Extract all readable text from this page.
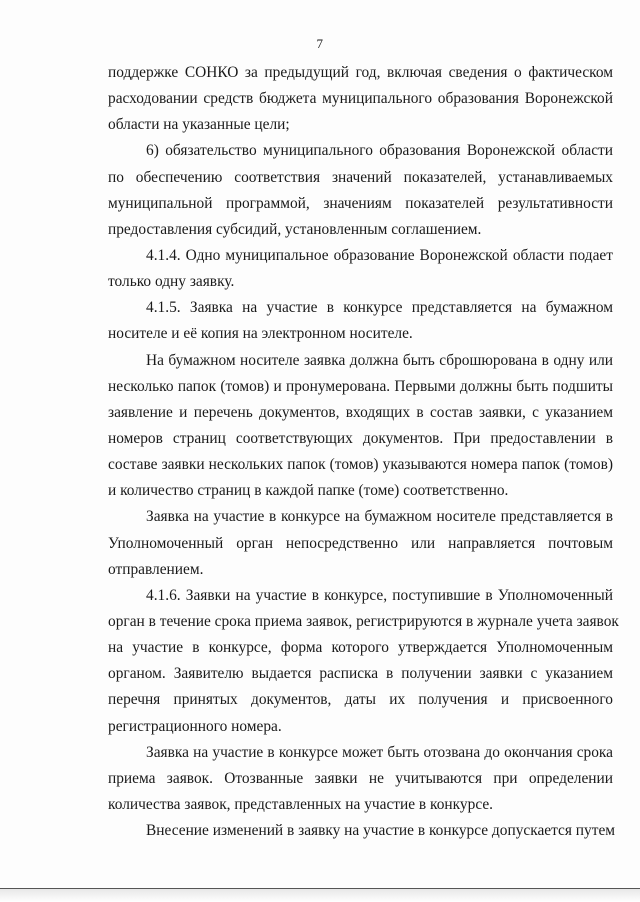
7
поддержке СОНКО за предыдущий год, включая сведения о фактическом
расходовании средств бюджета муниципального образования Воронежской
области на указанные цели;
6) обязательство муниципального образования Воронежской области
по обеспечению соответствия значений показателей, устанавливаемых
муниципальной программой, значениям показателей результативности
предоставления субсидий, установленным соглашением.
4.1.4. Одно муниципальное образование Воронежской области подает
только одну заявку.
4.1.5. Заявка на участие в конкурсе представляется на бумажном
носителе и её копия на электронном носителе.
На бумажном носителе заявка должна быть сброшюрована в одну или
несколько папок (томов) и пронумерована. Первыми должны быть подшиты
заявление и перечень документов, входящих в состав заявки, с указанием
номеров страниц соответствующих документов. При предоставлении в
составе заявки нескольких папок (томов) указываются номера папок (томов)
и количество страниц в каждой папке (томе) соответственно.
Заявка на участие в конкурсе на бумажном носителе представляется в
Уполномоченный орган непосредственно или направляется почтовым
отправлением.
4.1.6. Заявки на участие в конкурсе, поступившие в Уполномоченный
орган в течение срока приема заявок, регистрируются в журнале учета заявок
на участие в конкурсе, форма которого утверждается Уполномоченным
органом. Заявителю выдается расписка в получении заявки с указанием
перечня принятых документов, даты их получения и присвоенного
регистрационного номера.
Заявка на участие в конкурсе может быть отозвана до окончания срока
приема заявок. Отозванные заявки не учитываются при определении
количества заявок, представленных на участие в конкурсе.
Внесение изменений в заявку на участие в конкурсе допускается путем
